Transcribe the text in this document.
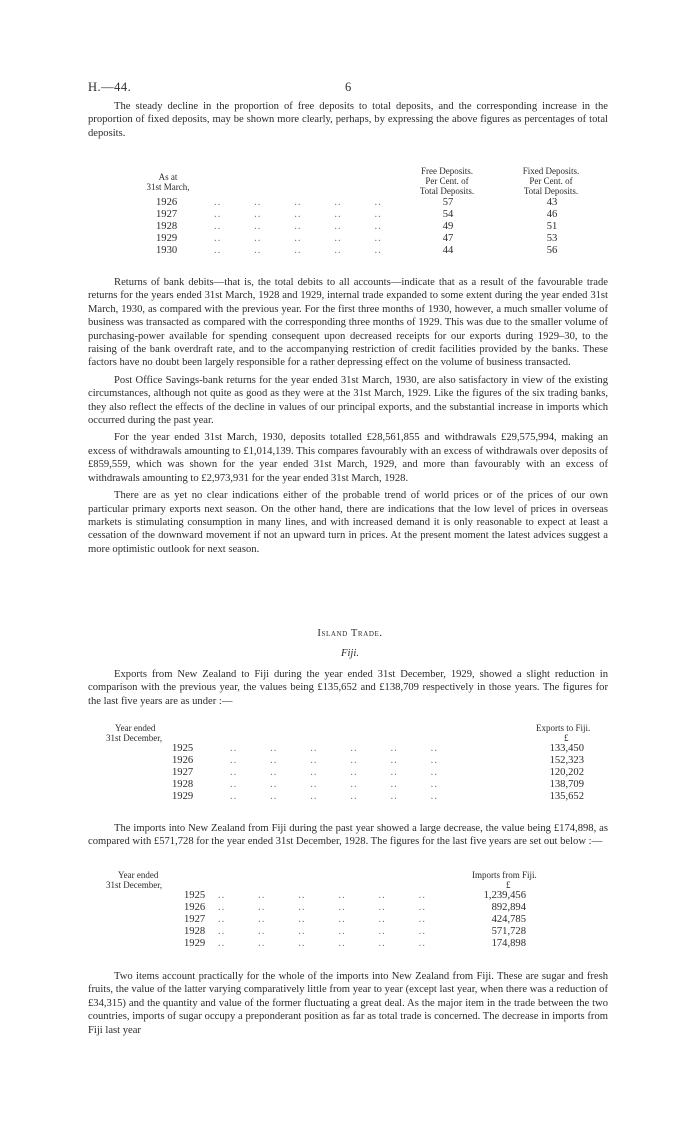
H.—44.	6

The steady decline in the proportion of free deposits to total deposits, and the corresponding increase in the proportion of fixed deposits, may be shown more clearly, perhaps, by expressing the above figures as percentages of total deposits.

As at
31st March,
Free Deposits.
Per Cent. of
Total Deposits.
Fixed Deposits.
Per Cent. of
Total Deposits.
1926	..         ..         ..         ..         ..	57	43
1927	..         ..         ..         ..         ..	54	46
1928	..         ..         ..         ..         ..	49	51
1929	..         ..         ..         ..         ..	47	53
1930	..         ..         ..         ..         ..	44	56

Returns of bank debits—that is, the total debits to all accounts—indicate that as a result of the favourable trade returns for the years ended 31st March, 1928 and 1929, internal trade expanded to some extent during the year ended 31st March, 1930, as compared with the previous year. For the first three months of 1930, however, a much smaller volume of business was transacted as compared with the corresponding three months of 1929. This was due to the smaller volume of purchasing-power available for spending consequent upon decreased receipts for our exports during 1929–30, to the raising of the bank overdraft rate, and to the accompanying restriction of credit facilities provided by the banks. These factors have no doubt been largely responsible for a rather depressing effect on the volume of business transacted.

Post Office Savings-bank returns for the year ended 31st March, 1930, are also satisfactory in view of the existing circumstances, although not quite as good as they were at the 31st March, 1929. Like the figures of the six trading banks, they also reflect the effects of the decline in values of our principal exports, and the substantial increase in imports which occurred during the past year.

For the year ended 31st March, 1930, deposits totalled £28,561,855 and withdrawals £29,575,994, making an excess of withdrawals amounting to £1,014,139. This compares favourably with an excess of withdrawals over deposits of £859,559, which was shown for the year ended 31st March, 1929, and more than favourably with an excess of withdrawals amounting to £2,973,931 for the year ended 31st March, 1928.

There are as yet no clear indications either of the probable trend of world prices or of the prices of our own particular primary exports next season. On the other hand, there are indications that the low level of prices in overseas markets is stimulating consumption in many lines, and with increased demand it is only reasonable to expect at least a cessation of the downward movement if not an upward turn in prices. At the present moment the latest advices suggest a more optimistic outlook for next season.

Island Trade.
Fiji.

Exports from New Zealand to Fiji during the year ended 31st December, 1929, showed a slight reduction in comparison with the previous year, the values being £135,652 and £138,709 respectively in those years. The figures for the last five years are as under :—

Year ended
31st December,
Exports to Fiji.
£
1925	..         ..         ..         ..         ..         ..	133,450
1926	..         ..         ..         ..         ..         ..	152,323
1927	..         ..         ..         ..         ..         ..	120,202
1928	..         ..         ..         ..         ..         ..	138,709
1929	..         ..         ..         ..         ..         ..	135,652

The imports into New Zealand from Fiji during the past year showed a large decrease, the value being £174,898, as compared with £571,728 for the year ended 31st December, 1928. The figures for the last five years are set out below :—

Year ended
31st December,
Imports from Fiji.
£
1925 ..         ..         ..         ..         ..         ..	1,239,456
1926 ..         ..         ..         ..         ..         ..	892,894
1927 ..         ..         ..         ..         ..         ..	424,785
1928 ..         ..         ..         ..         ..         ..	571,728
1929 ..         ..         ..         ..         ..         ..	174,898

Two items account practically for the whole of the imports into New Zealand from Fiji. These are sugar and fresh fruits, the value of the latter varying comparatively little from year to year (except last year, when there was a reduction of £34,315) and the quantity and value of the former fluctuating a great deal. As the major item in the trade between the two countries, imports of sugar occupy a preponderant position as far as total trade is concerned. The decrease in imports from Fiji last year
